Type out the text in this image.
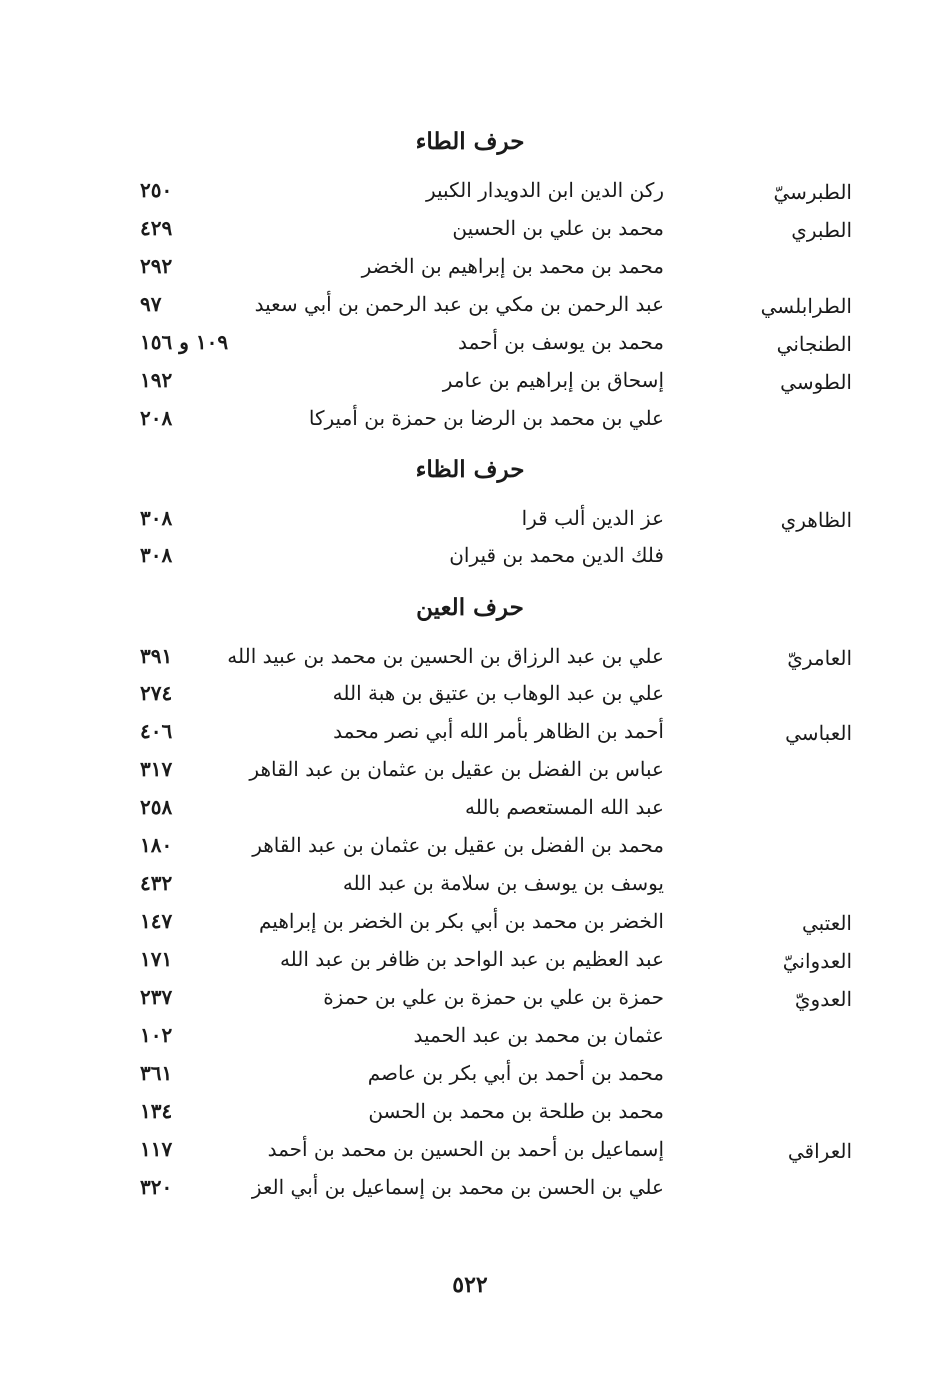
حرف الطاء
الطبرسيّ
ركن الدين ابن الدويدار الكبير
٢٥٠
الطبري
محمد بن علي بن الحسين
٤٢٩
محمد بن محمد بن إبراهيم بن الخضر
٢٩٢
الطرابلسي
عبد الرحمن بن مكي بن عبد الرحمن بن أبي سعيد
٩٧
الطنجاني
محمد بن يوسف بن أحمد
١٠٩ و ١٥٦
الطوسي
إسحاق بن إبراهيم بن عامر
١٩٢
علي بن محمد بن الرضا بن حمزة بن أميركا
٢٠٨
حرف الظاء
الظاهري
عز الدين ألب قرا
٣٠٨
فلك الدين محمد بن قيران
٣٠٨
حرف العين
العامريّ
علي بن عبد الرزاق بن الحسين بن محمد بن عبيد الله
٣٩١
علي بن عبد الوهاب بن عتيق بن هبة الله
٢٧٤
العباسي
أحمد بن الظاهر بأمر الله أبي نصر محمد
٤٠٦
عباس بن الفضل بن عقيل بن عثمان بن عبد القاهر
٣١٧
عبد الله المستعصم بالله
٢٥٨
محمد بن الفضل بن عقيل بن عثمان بن عبد القاهر
١٨٠
يوسف بن يوسف بن سلامة بن عبد الله
٤٣٢
العتبي
الخضر بن محمد بن أبي بكر بن الخضر بن إبراهيم
١٤٧
العدوانيّ
عبد العظيم بن عبد الواحد بن ظافر بن عبد الله
١٧١
العدويّ
حمزة بن علي بن حمزة بن علي بن حمزة
٢٣٧
عثمان بن محمد بن عبد الحميد
١٠٢
محمد بن أحمد بن أبي بكر بن عاصم
٣٦١
محمد بن طلحة بن محمد بن الحسن
١٣٤
العراقي
إسماعيل بن أحمد بن الحسين بن محمد بن أحمد
١١٧
علي بن الحسن بن محمد بن إسماعيل بن أبي العز
٣٢٠
٥٢٢
